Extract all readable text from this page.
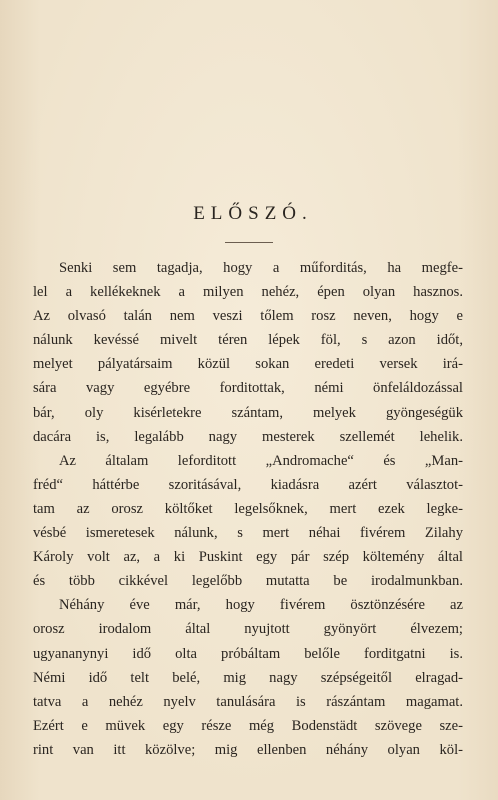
ELŐSZÓ.
Senki sem tagadja, hogy a műforditás, ha megfe-
lel a kellékeknek a milyen nehéz, épen olyan hasznos.
Az olvasó talán nem veszi tőlem rosz neven, hogy e
nálunk kevéssé mivelt téren lépek föl, s azon időt,
melyet pályatársaim közül sokan eredeti versek irá-
sára vagy egyébre forditottak, némi önfeláldozással
bár, oly kisérletekre szántam, melyek gyöngeségük
dacára is, legalább nagy mesterek szellemét lehelik.
Az általam leforditott „Andromache“ és „Man-
fréd“ háttérbe szoritásával, kiadásra azért választot-
tam az orosz költőket legelsőknek, mert ezek legke-
vésbé ismeretesek nálunk, s mert néhai fivérem Zilahy
Károly volt az, a ki Puskint egy pár szép költemény által
és több cikkével legelőbb mutatta be irodalmunkban.
Néhány éve már, hogy fivérem ösztönzésére az
orosz irodalom által nyujtott gyönyört élvezem;
ugyananynyi idő olta próbáltam belőle forditgatni is.
Némi idő telt belé, mig nagy szépségeitől elragad-
tatva a nehéz nyelv tanulására is rászántam magamat.
Ezért e müvek egy része még Bodenstädt szövege sze-
rint van itt közölve; mig ellenben néhány olyan köl-
